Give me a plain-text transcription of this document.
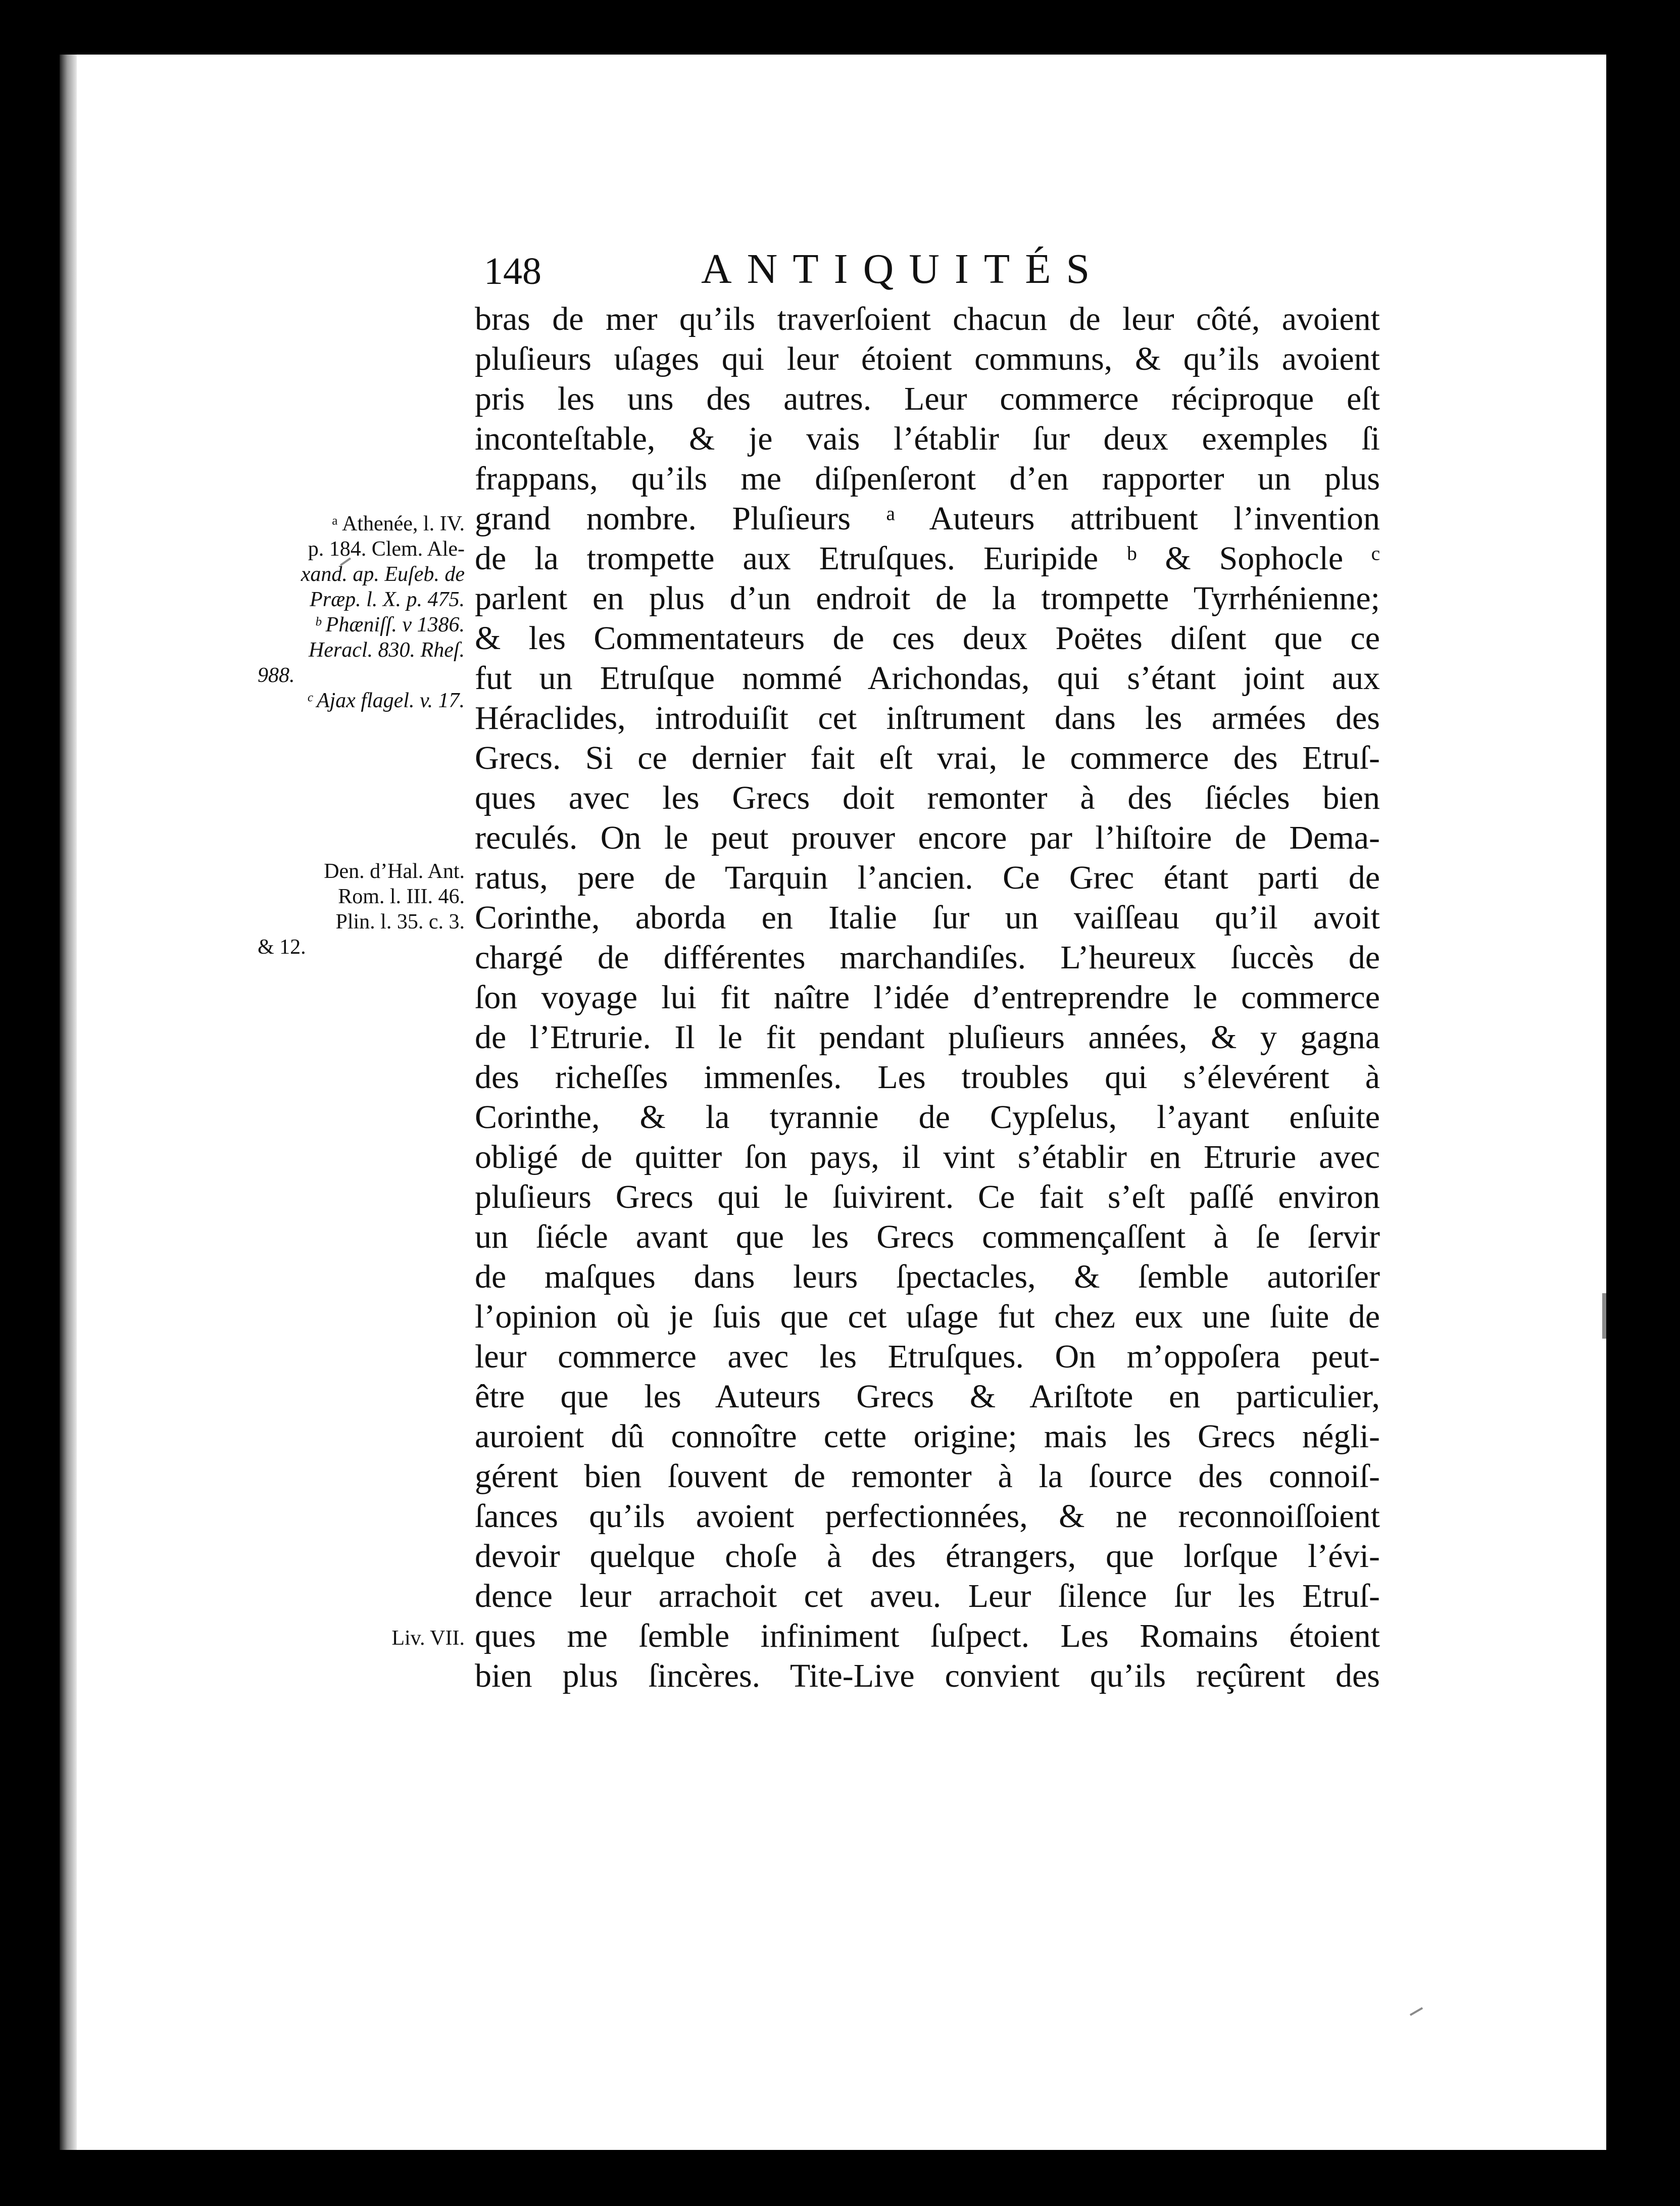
148	ANTIQUITÉS
bras de mer qu’ils traverſoient chacun de leur côté, avoient
pluſieurs uſages qui leur étoient communs, & qu’ils avoient
pris les uns des autres. Leur commerce réciproque eſt
inconteſtable, & je vais l’établir ſur deux exemples ſi
frappans, qu’ils me diſpenſeront d’en rapporter un plus
grand nombre. Pluſieurs ᵃ Auteurs attribuent l’invention
de la trompette aux Etruſques. Euripide ᵇ & Sophocle ᶜ
parlent en plus d’un endroit de la trompette Tyrrhénienne;
& les Commentateurs de ces deux Poëtes diſent que ce
fut un Etruſque nommé Arichondas, qui s’étant joint aux
Héraclides, introduiſit cet inſtrument dans les armées des
Grecs. Si ce dernier fait eſt vrai, le commerce des Etruſ-
ques avec les Grecs doit remonter à des ſiécles bien
reculés. On le peut prouver encore par l’hiſtoire de Dema-
ratus, pere de Tarquin l’ancien. Ce Grec étant parti de
Corinthe, aborda en Italie ſur un vaiſſeau qu’il avoit
chargé de différentes marchandiſes. L’heureux ſuccès de
ſon voyage lui fit naître l’idée d’entreprendre le commerce
de l’Etrurie. Il le fit pendant pluſieurs années, & y gagna
des richeſſes immenſes. Les troubles qui s’élevérent à
Corinthe, & la tyrannie de Cypſelus, l’ayant enſuite
obligé de quitter ſon pays, il vint s’établir en Etrurie avec
pluſieurs Grecs qui le ſuivirent. Ce fait s’eſt paſſé environ
un ſiécle avant que les Grecs commençaſſent à ſe ſervir
de maſques dans leurs ſpectacles, & ſemble autoriſer
l’opinion où je ſuis que cet uſage fut chez eux une ſuite de
leur commerce avec les Etruſques. On m’oppoſera peut-
être que les Auteurs Grecs & Ariſtote en particulier,
auroient dû connoître cette origine; mais les Grecs négli-
gérent bien ſouvent de remonter à la ſource des connoiſ-
ſances qu’ils avoient perfectionnées, & ne reconnoiſſoient
devoir quelque choſe à des étrangers, que lorſque l’évi-
dence leur arrachoit cet aveu. Leur ſilence ſur les Etruſ-
ques me ſemble infiniment ſuſpect. Les Romains étoient
bien plus ſincères. Tite-Live convient qu’ils reçûrent des
ᵃ Athenée, l. IV.
p. 184. Clem. Ale-
xand. ap. Euſeb. de
Præp. l. X. p. 475.
ᵇ Phæniſſ. v 1386.
Heracl. 830. Rheſ.
988.
ᶜ Ajax flagel. v. 17.
Den. d’Hal. Ant.
Rom. l. III. 46.
Plin. l. 35. c. 3.
& 12.
Liv. VII.
